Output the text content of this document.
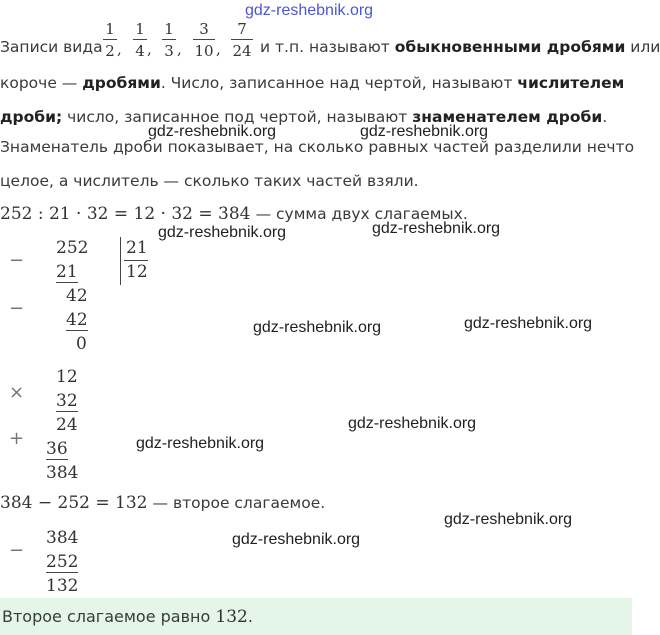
gdz-reshebnik.org
Записи вида
1
2 ,
1
4 ,
1
3 ,
3
10 ,
7
24 и т.п. называют обыкновенными дробями или
короче — дробями. Число, записанное над чертой, называют числителем
дроби; число, записанное под чертой, называют знаменателем дроби.
gdz-reshebnik.org	gdz-reshebnik.org
Знаменатель дроби показывает, на сколько равных частей разделили нечто
целое, а числитель — сколько таких частей взяли.
252 : 21 · 32 = 12 · 32 = 384 — сумма двух слагаемых.
gdz-reshebnik.org	gdz-reshebnik.org
−
252
21
21
12
−
42
42
0
gdz-reshebnik.org	gdz-reshebnik.org
×
12
32
24
+ 36
384
gdz-reshebnik.org
gdz-reshebnik.org
384 − 252 = 132 — второе слагаемое.
gdz-reshebnik.org
−
384
252
132
gdz-reshebnik.org
Второе слагаемое равно 132.
